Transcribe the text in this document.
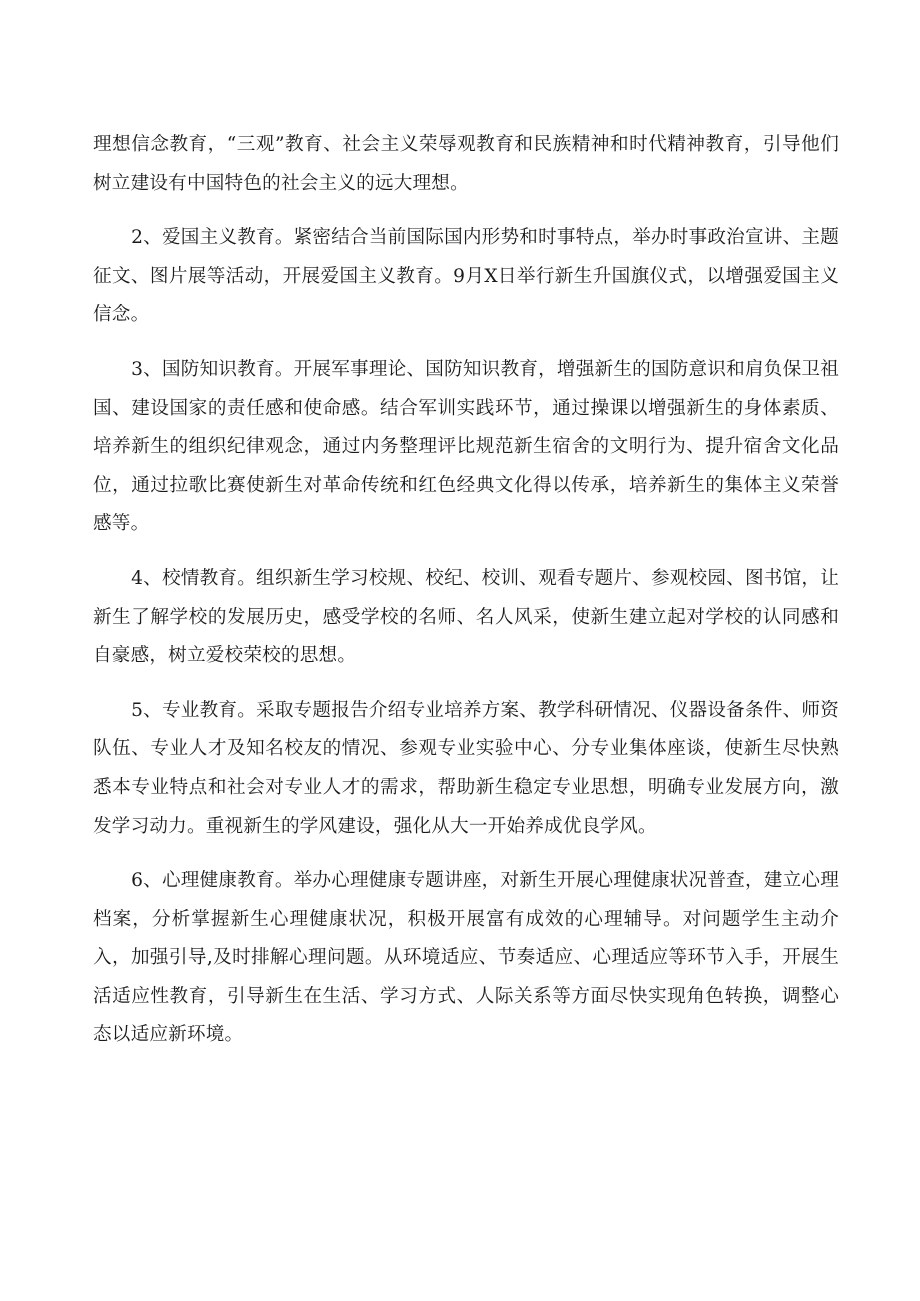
理想信念教育，“三观”教育、社会主义荣辱观教育和民族精神和时代精神教育，引导他们树立建设有中国特色的社会主义的远大理想。

2、爱国主义教育。紧密结合当前国际国内形势和时事特点，举办时事政治宣讲、主题征文、图片展等活动，开展爱国主义教育。9月X日举行新生升国旗仪式，以增强爱国主义信念。

3、国防知识教育。开展军事理论、国防知识教育，增强新生的国防意识和肩负保卫祖国、建设国家的责任感和使命感。结合军训实践环节，通过操课以增强新生的身体素质、培养新生的组织纪律观念，通过内务整理评比规范新生宿舍的文明行为、提升宿舍文化品位，通过拉歌比赛使新生对革命传统和红色经典文化得以传承，培养新生的集体主义荣誉感等。

4、校情教育。组织新生学习校规、校纪、校训、观看专题片、参观校园、图书馆，让新生了解学校的发展历史，感受学校的名师、名人风采，使新生建立起对学校的认同感和自豪感，树立爱校荣校的思想。

5、专业教育。采取专题报告介绍专业培养方案、教学科研情况、仪器设备条件、师资队伍、专业人才及知名校友的情况、参观专业实验中心、分专业集体座谈，使新生尽快熟悉本专业特点和社会对专业人才的需求，帮助新生稳定专业思想，明确专业发展方向，激发学习动力。重视新生的学风建设，强化从大一开始养成优良学风。

6、心理健康教育。举办心理健康专题讲座，对新生开展心理健康状况普查，建立心理档案，分析掌握新生心理健康状况，积极开展富有成效的心理辅导。对问题学生主动介入，加强引导,及时排解心理问题。从环境适应、节奏适应、心理适应等环节入手，开展生活适应性教育，引导新生在生活、学习方式、人际关系等方面尽快实现角色转换，调整心态以适应新环境。
